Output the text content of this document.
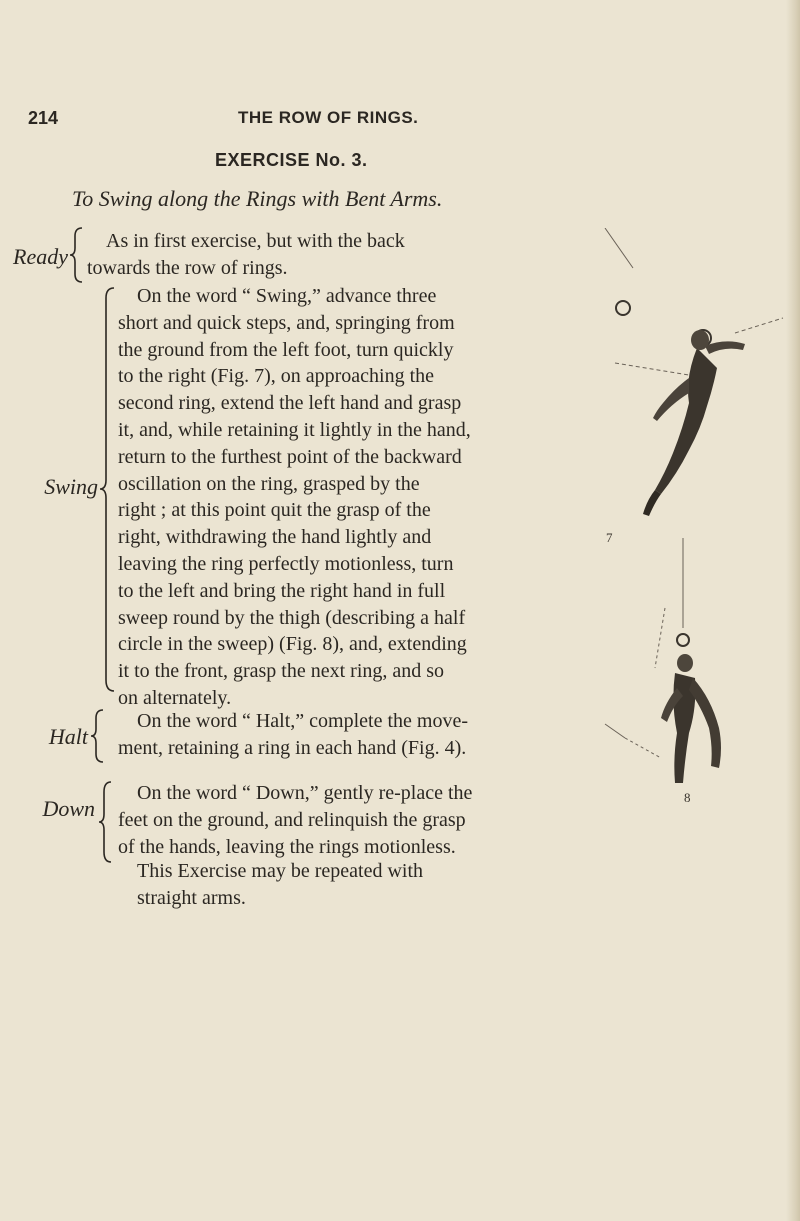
214	THE ROW OF RINGS.
EXERCISE No. 3.
To Swing along the Rings with Bent Arms.
Ready
As in first exercise, but with the back
towards the row of rings.
Swing
On the word “ Swing,” advance three
short and quick steps, and, springing from
the ground from the left foot, turn quickly
to the right (Fig. 7), on approaching the
second ring, extend the left hand and grasp
it, and, while retaining it lightly in the hand,
return to the furthest point of the backward
oscillation on the ring, grasped by the
right ; at this point quit the grasp of the
right, withdrawing the hand lightly and
leaving the ring perfectly motionless, turn
to the left and bring the right hand in full
sweep round by the thigh (describing a half
circle in the sweep) (Fig. 8), and, extending
it to the front, grasp the next ring, and so
on alternately.
Halt
On the word “ Halt,” complete the move-
ment, retaining a ring in each hand (Fig. 4).
Down
On the word “ Down,” gently re-place the
feet on the ground, and relinquish the grasp
of the hands, leaving the rings motionless.
This Exercise may be repeated with
straight arms.
7
8
